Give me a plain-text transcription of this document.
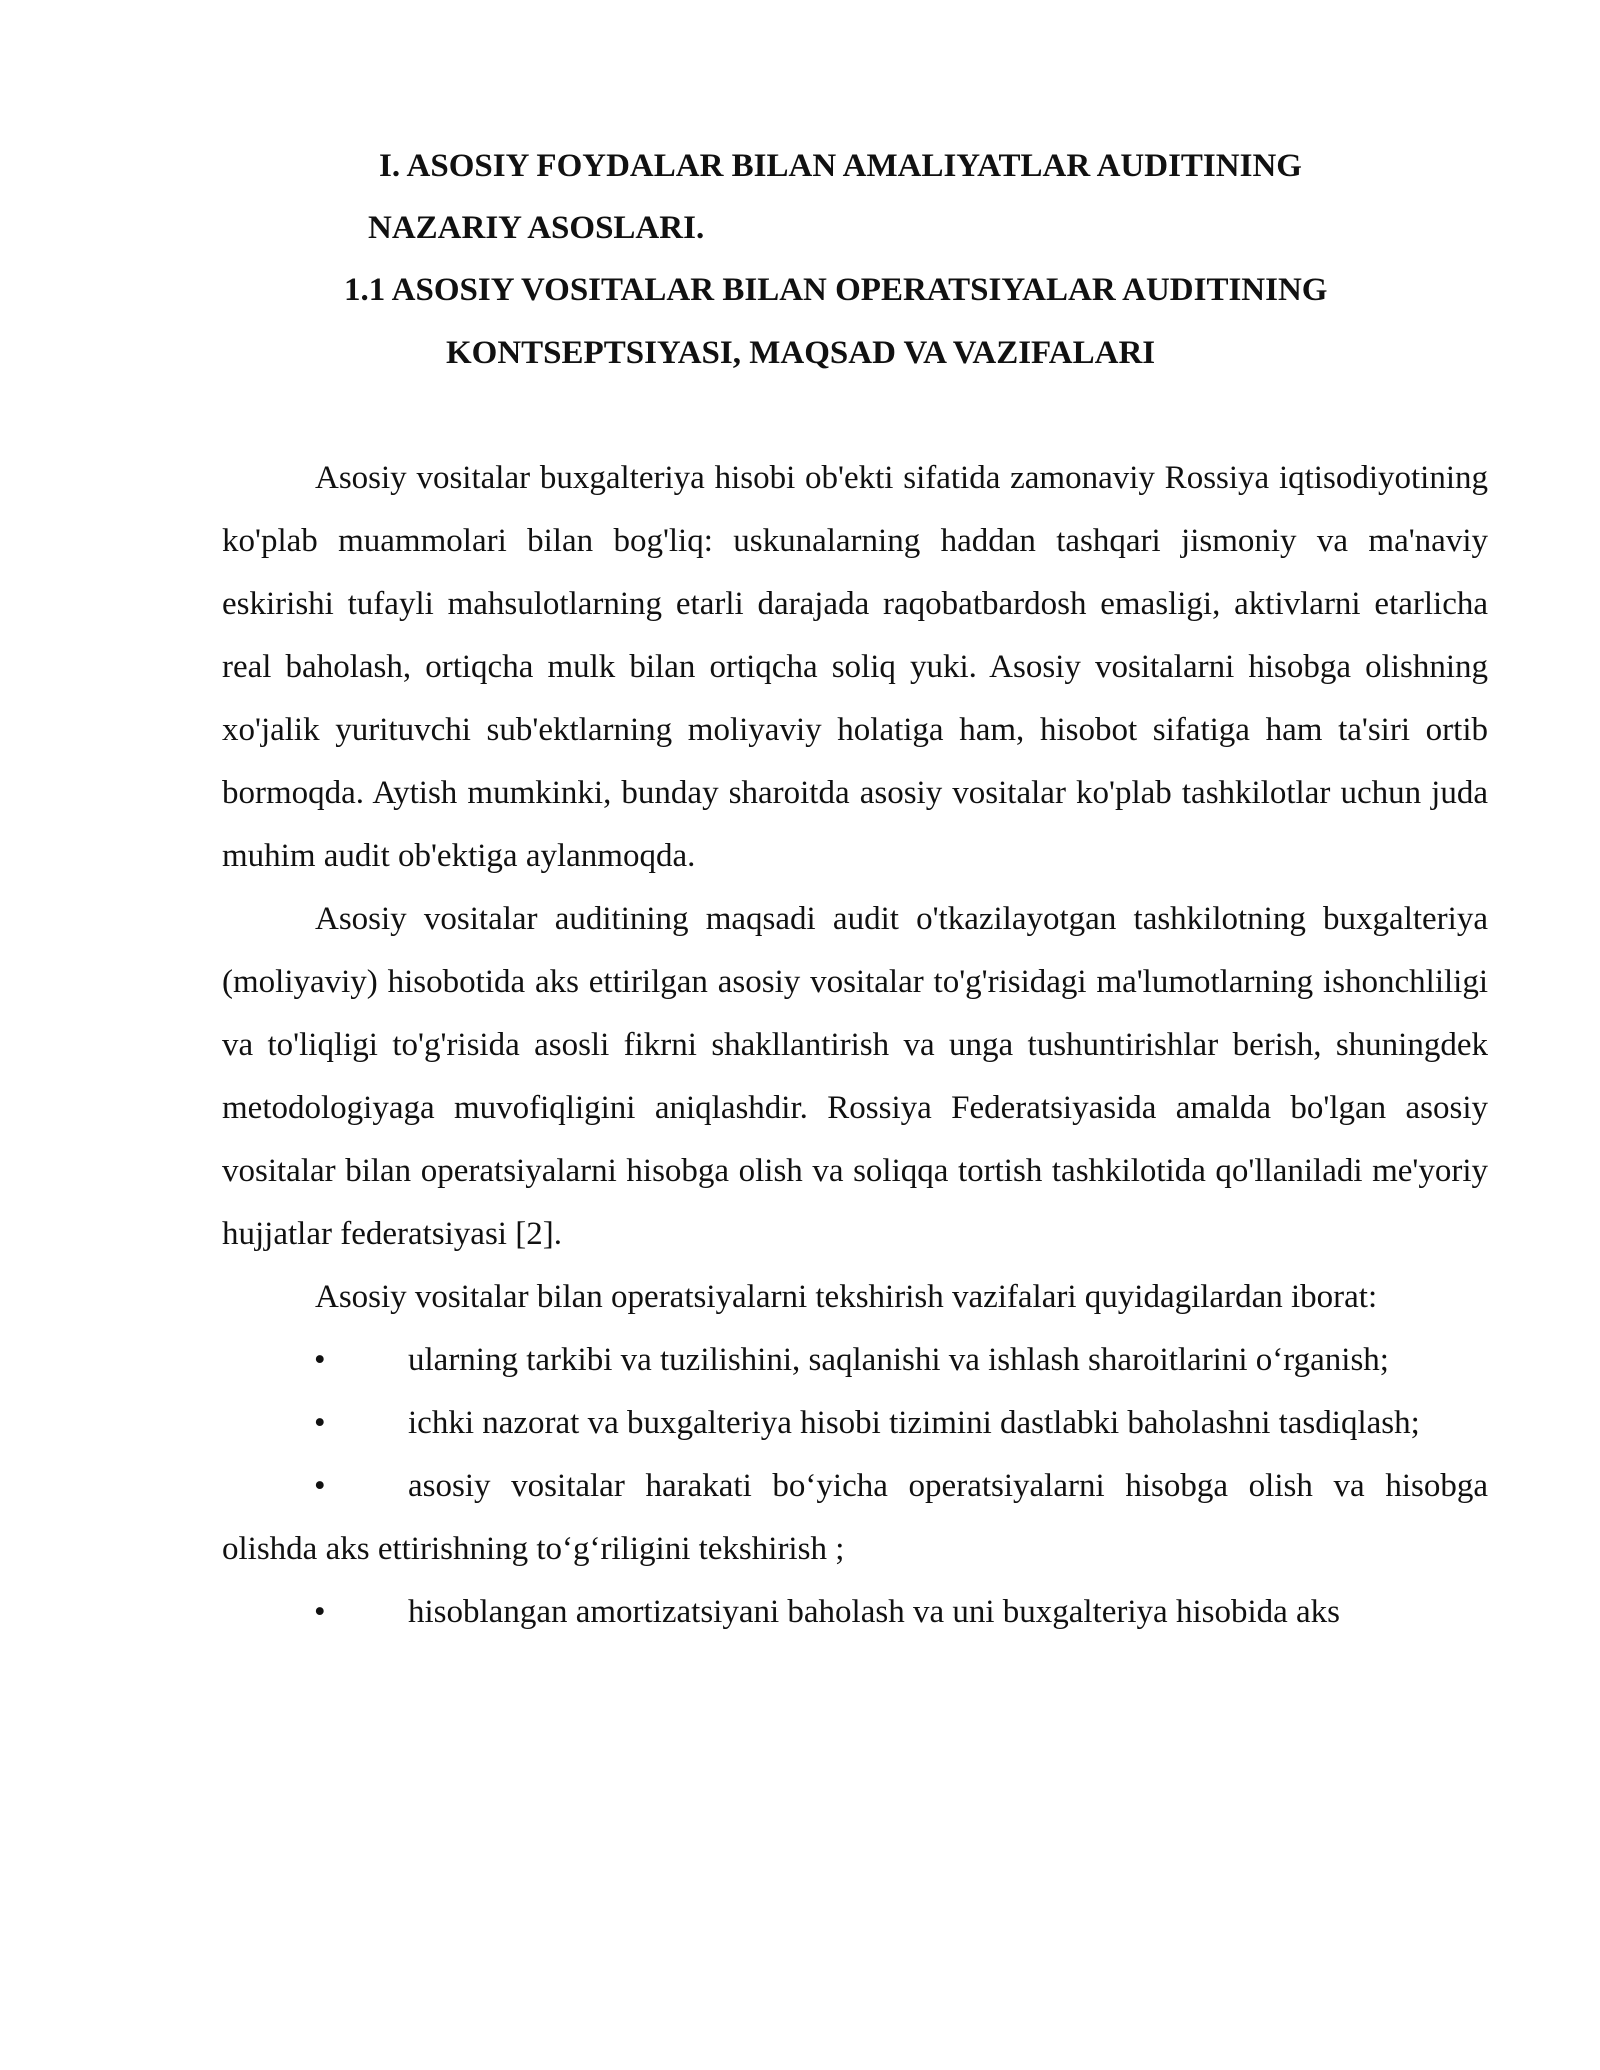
I. ASOSIY FOYDALAR BILAN AMALIYATLAR AUDITINING

NAZARIY ASOSLARI.

1.1 ASOSIY VOSITALAR BILAN OPERATSIYALAR AUDITINING

KONTSEPTSIYASI, MAQSAD VA VAZIFALARI

Asosiy vositalar buxgalteriya hisobi ob'ekti sifatida zamonaviy Rossiya iqtisodiyotining ko'plab muammolari bilan bog'liq: uskunalarning haddan tashqari jismoniy va ma'naviy eskirishi tufayli mahsulotlarning etarli darajada raqobatbardosh emasligi, aktivlarni etarlicha real baholash, ortiqcha mulk bilan ortiqcha soliq yuki. Asosiy vositalarni hisobga olishning xo'jalik yurituvchi sub'ektlarning moliyaviy holatiga ham, hisobot sifatiga ham ta'siri ortib bormoqda. Aytish mumkinki, bunday sharoitda asosiy vositalar ko'plab tashkilotlar uchun juda muhim audit ob'ektiga aylanmoqda.

Asosiy vositalar auditining maqsadi audit o'tkazilayotgan tashkilotning buxgalteriya (moliyaviy) hisobotida aks ettirilgan asosiy vositalar to'g'risidagi ma'lumotlarning ishonchliligi va to'liqligi to'g'risida asosli fikrni shakllantirish va unga tushuntirishlar berish, shuningdek metodologiyaga muvofiqligini aniqlashdir. Rossiya Federatsiyasida amalda bo'lgan asosiy vositalar bilan operatsiyalarni hisobga olish va soliqqa tortish tashkilotida qo'llaniladi me'yoriy hujjatlar federatsiyasi [2].

Asosiy vositalar bilan operatsiyalarni tekshirish vazifalari quyidagilardan iborat:

• ularning tarkibi va tuzilishini, saqlanishi va ishlash sharoitlarini oʻrganish;

• ichki nazorat va buxgalteriya hisobi tizimini dastlabki baholashni tasdiqlash;

• asosiy vositalar harakati boʻyicha operatsiyalarni hisobga olish va hisobga olishda aks ettirishning toʻgʻriligini tekshirish ;

• hisoblangan amortizatsiyani baholash va uni buxgalteriya hisobida aks
